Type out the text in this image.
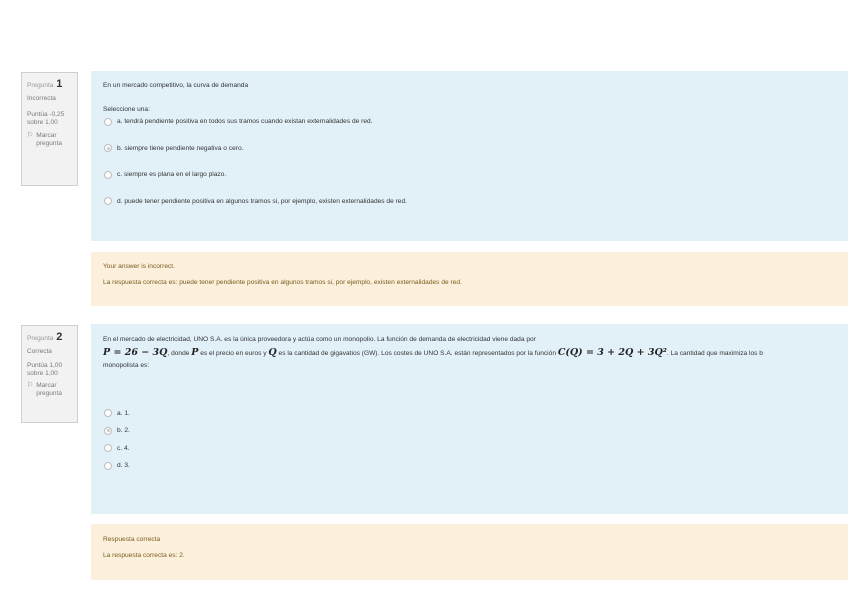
Pregunta 1
Incorrecta
Puntúa -0,25
sobre 1,00
⚐ Marcar
pregunta
En un mercado competitivo, la curva de demanda
Seleccione una:
a. tendrá pendiente positiva en todos sus tramos cuando existan externalidades de red.
b. siempre tiene pendiente negativa o cero.
c. siempre es plana en el largo plazo.
d. puede tener pendiente positiva en algunos tramos si, por ejemplo, existen externalidades de red.
Your answer is incorrect.
La respuesta correcta es: puede tener pendiente positiva en algunos tramos si, por ejemplo, existen externalidades de red.
Pregunta 2
Correcta
Puntúa 1,00
sobre 1,00
⚐ Marcar
pregunta
En el mercado de electricidad, UNO S.A. es la única proveedora y actúa como un monopolio. La función de demanda de electricidad viene dada por
P = 26 − 3Q, donde P es el precio en euros y Q es la cantidad de gigavatios (GW). Los costes de UNO S.A. están representados por la función C(Q) = 3 + 2Q + 3Q². La cantidad que maximiza los b
monopolista es:
a. 1.
b. 2.
c. 4.
d. 3.
Respuesta correcta
La respuesta correcta es: 2.
